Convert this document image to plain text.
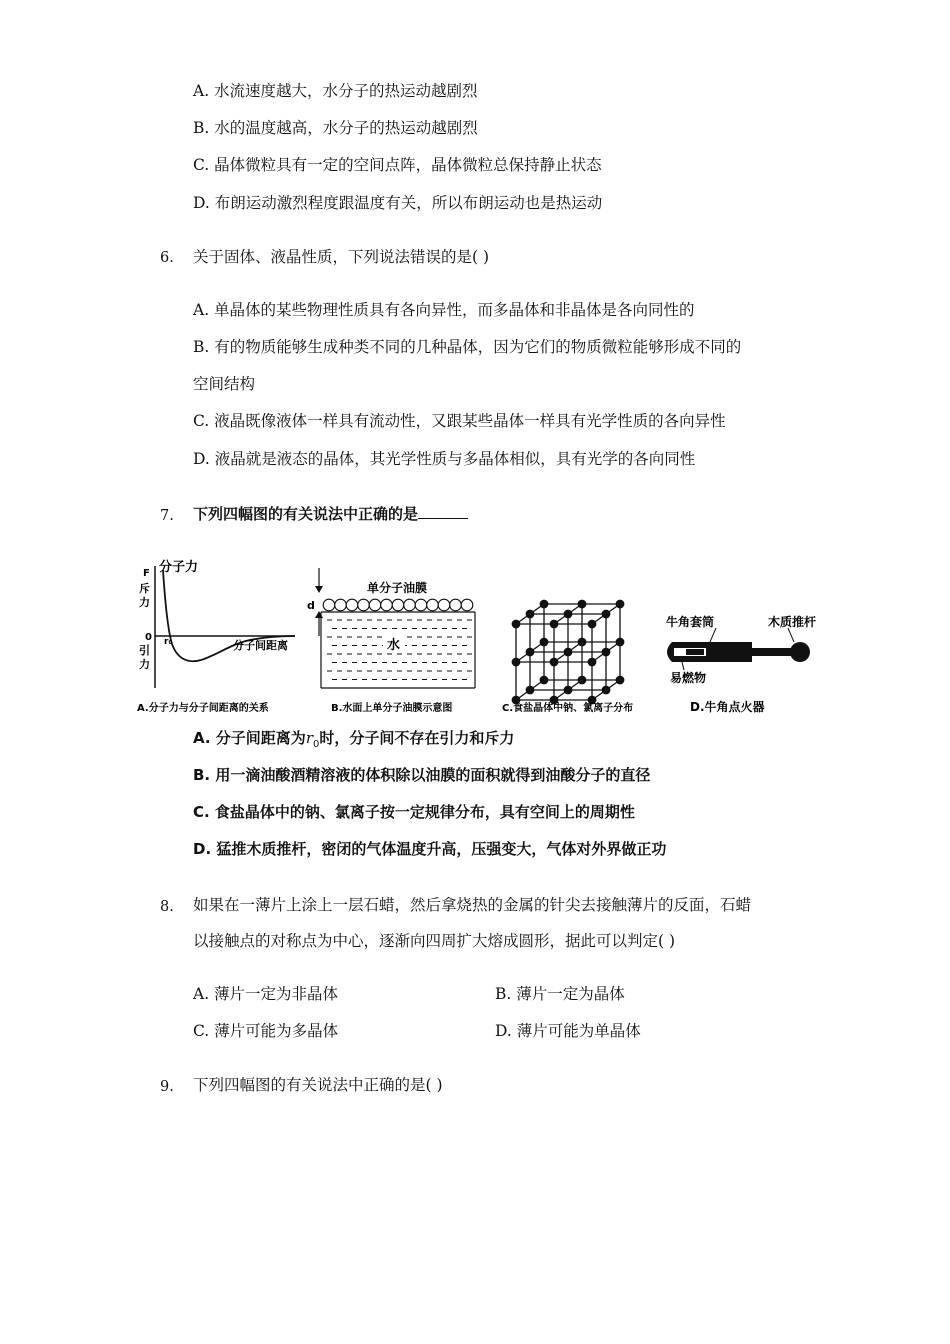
A. 水流速度越大，水分子的热运动越剧烈
B. 水的温度越高，水分子的热运动越剧烈
C. 晶体微粒具有一定的空间点阵，晶体微粒总保持静止状态
D. 布朗运动激烈程度跟温度有关，所以布朗运动也是热运动
6. 关于固体、液晶性质，下列说法错误的是( )
A. 单晶体的某些物理性质具有各向异性，而多晶体和非晶体是各向同性的
B. 有的物质能够生成种类不同的几种晶体，因为它们的物质微粒能够形成不同的
空间结构
C. 液晶既像液体一样具有流动性，又跟某些晶体一样具有光学性质的各向异性
D. 液晶就是液态的晶体，其光学性质与多晶体相似，具有光学的各向同性
7. 下列四幅图的有关说法中正确的是
分子力
F
斥 力
0 r₀
引 力
分子间距离
A.分子力与分子间距离的关系
单分子油膜
d
水
B.水面上单分子油膜示意图	C.食盐晶体中钠、氯离子分布
牛角套筒	木质推杆
易燃物
D.牛角点火器
A. 分子间距离为$r_0$时，分子间不存在引力和斥力
B. 用一滴油酸酒精溶液的体积除以油膜的面积就得到油酸分子的直径
C. 食盐晶体中的钠、氯离子按一定规律分布，具有空间上的周期性
D. 猛推木质推杆，密闭的气体温度升高，压强变大，气体对外界做正功
8. 如果在一薄片上涂上一层石蜡，然后拿烧热的金属的针尖去接触薄片的反面，石蜡
以接触点的对称点为中心，逐渐向四周扩大熔成圆形，据此可以判定( )
A. 薄片一定为非晶体	B. 薄片一定为晶体
C. 薄片可能为多晶体	D. 薄片可能为单晶体
9. 下列四幅图的有关说法中正确的是( )
